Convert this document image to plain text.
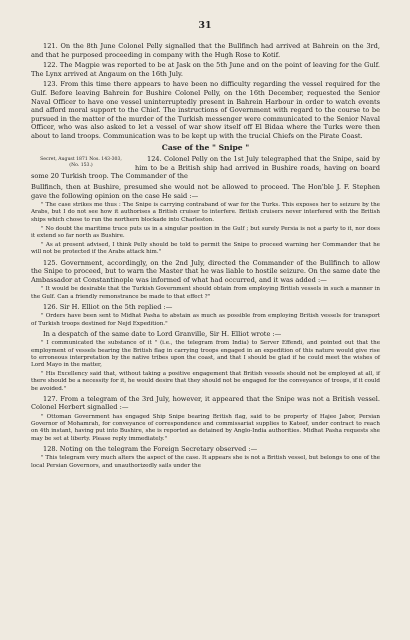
31

121. On the 8th June Colonel Pelly signalled that the Bullfinch had arrived at Bahrein on the 3rd, and that he purposed proceeding in company with the Hugh Rose to Kotif.

122. The Magpie was reported to be at Jask on the 5th June and on the point of leaving for the Gulf. The Lynx arrived at Angaum on the 16th July.

123. From this time there appears to have been no difficulty regarding the vessel required for the Gulf. Before leaving Bahrein for Bushire Colonel Pelly, on the 16th December, requested the Senior Naval Officer to have one vessel uninterruptedly present in Bahrein Harbour in order to watch events and afford moral support to the Chief. The instructions of Government with regard to the course to be pursued in the matter of the murder of the Turkish messenger were communicated to the Senior Naval Officer, who was also asked to let a vessel of war show itself off El Bidaa where the Turks were then about to land troops. Communication was to be kept up with the trucial Chiefs on the Pirate Coast.

Case of the " Snipe "
Secret, August 1871 Nos. 143-303,
(No. 153.)

124. Colonel Pelly on the 1st July telegraphed that the Snipe, said by him to be a British ship had arrived in Bushire roads, having on board some 20 Turkish troop. The Commander of the

Bullfinch, then at Bushire, presumed she would not be allowed to proceed. The Hon'ble J. F. Stephen gave the following opinion on the case He said :—

" The case strikes me thus : The Snipe is carrying contraband of war for the Turks. This exposes her to seizure by the Arabs, but I do not see how it authorises a British cruiser to interfere. British cruisers never interfered with the British ships which chose to run the northern blockade into Charleston.

" No doubt the maritime truce puts us in a singular position in the Gulf ; but surely Persia is not a party to it, nor does it extend so far north as Bushire.

" As at present advised, I think Pelly should be told to permit the Snipe to proceed warning her Commander that he will not be protected if the Arabs attack him."

125. Government, accordingly, on the 2nd July, directed the Commander of the Bullfinch to allow the Snipe to proceed, but to warn the Master that he was liable to hostile seizure. On the same date the Ambassador at Constantinople was informed of what had occurred, and it was added :—

" It would be desirable that the Turkish Government should obtain from employing British vessels in such a manner in the Gulf. Can a friendly remonstrance be made to that effect ?"

126. Sir H. Elliot on the 5th replied :—

" Orders have been sent to Midhat Pasha to abstain as much as possible from employing British vessels for transport of Turkish troops destined for Nejd Expedition."

In a despatch of the same date to Lord Granville, Sir H. Elliot wrote :—

" I communicated the substance of it " (i.e., the telegram from India) to Server Effendi, and pointed out that the employment of vessels bearing the British flag in carrying troops engaged in an expedition of this nature would give rise to erroneous interpretation by the native tribes upon the coast, and that I should be glad if he could meet the wishes of Lord Mayo in the matter,

" His Excellency said that, without taking a positive engagement that British vessels should not be employed at all, if there should be a necessity for it, he would desire that they should not be engaged for the conveyance of troops, if it could be avoided."

127. From a telegram of the 3rd July, however, it appeared that the Snipe was not a British vessel. Colonel Herbert signalled :—

" Ottoman Government has engaged Ship Snipe bearing British flag, said to be property of Hajee Jabor, Persian Governor of Mohamrah, for conveyance of correspondence and commissariat supplies to Kateef, under contract to reach on 4th instant, having put into Bushire, she is reported as detained by Anglo-India authorities. Midhat Pasha requests she may be set at liberty. Please reply immediately."

128. Noting on the telegram the Foreign Secretary observed :—

" This telegram very much alters the aspect of the case. It appears she is not a British vessel, but belongs to one of the local Persian Governors, and unauthorizedly sails under the
